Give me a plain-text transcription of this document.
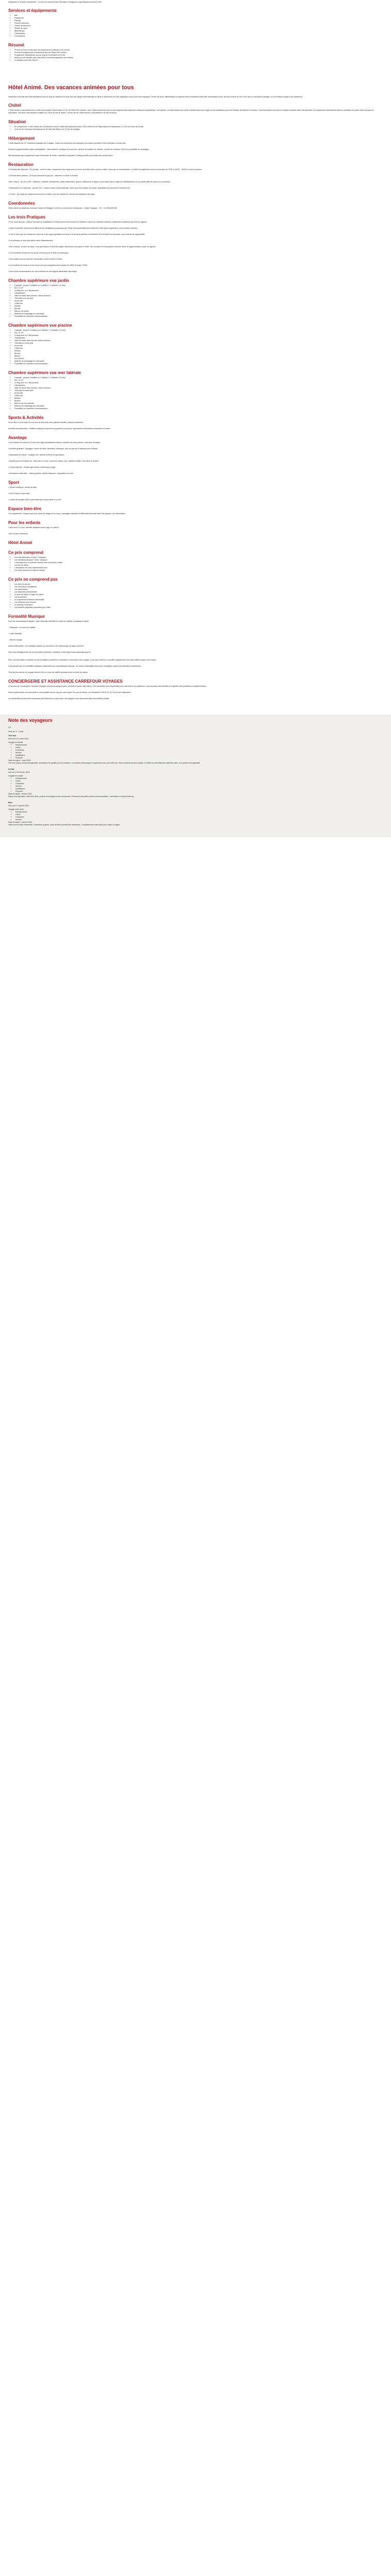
Description à la parte comprenant : Ce prix ne comprend pas l'Immatiné Consignere Logo Séquenceur Assi 5 Ans

Services et équipements
• Wifi
• Restaurant
• Parking
• Piscine extérieure
• Centre de bien-être
• Terrain de sport
• Bibliothèque
• Climatisation
• Conciergerie
Résumé
• Proche de mes écoles avec les possesseurs d'histoire et de culture
• Excellent emplacement directement face sur Place Del Carmen
• Programme d'animations tout au long de la semaine et en été
• Idéal pour les familles avec des offres et services adaptées aux enfants
• Le terrasse bien-être 24h/24
Hôtel Animé. Des vacances animées pour tous

Nombreux convivial ainsi dès animations tout au long de vacances et sorte par une équipe internationale ou aérer à l'ambiance du Club originales a pour pros l'accompagner. Terrain de sport, bibliothèque et espaces verts complètent cette offre accessibles à tous, de jour comme de nuit. Pour que ce soit animé partager, on a le bonheur jusqu'à nos vacances !

Chôtel

L'Hôtel Animé La Alcaidesa est un hôtel tout compris 24h/24 idéal à 2 km de Place Del Carmen. Vous n'êtes pas très proche et son emplacement optimal et restaurant sympathique, une piscine, un hôtel animé pour toute la famille avec ses rouges et ses animations pour les enfants, les ateliers et les jeux. Tous les enfants sont pris en charge et animés dans des activités. Un programme d'animations varié et constante sur place avec musique et spectacles, mini-club, discothèque et billard, au cours de tout le séjour, c'est le cas de l'Hôtel Animé La Alcaidesa et de ses environs.

Situation
• En complement, à 300 mètres de La Estación Central, l'hôtel est idéalement situé à 300 mètres de la Plaza Mayor de Salamanca, à 2 km du centre de la ville.
• À 40 km de l'aéroport International de Sevilla San Pablo et à 2,5 km de la plage.
Hébergement

L'hôtel dispose de 107 chambres réparties sur 5 étages. Toutes les chambres sont équipées d'un balcon privatif et d'une télévision à écran plat.

Services supplémentaires (avec participation) : blanchisserie, boutique de souvenirs, service de location de voitures, service de chambre 24h/24 et possibilité de massages.

Wifi accessible sans supplément dans l'ensemble de l'hôtel, chambres comprises. Parking privatif à proximité avec accès direct.

Restauration

• Formule petit déjeuner : 8 € (repas) - servi le matin, uniquement des repas sous la forme de buffet varié, service à table, avec pain et viennoiseries. Le buffet est également servi à la terrasse de 7h30 à 10h30 - 11h30 ou selon la saison.

• Formule demi-pension : 22 € par personne et par jour - déjeuner ou dîner à la carte.

• Bar / Snack : de 11h à 23h - boissons, cocktails, sandwiches, petite restauration, glaces, pâtisseries et tapas à la terrasse dans le style de l'établissement et une petite salle de repos sur la terrasse.

• Restaurant Los Caracoles : (ouvert 7j/7) - cuisine locale et internationale, menu pour les enfants, en soirée, spécialités de poissons et fruits de mer.

• À noter : les repas au restaurant sont servis à table, pour les enfants les menus sont adaptés à leur âge.

Coordonnées

Hôtel Animé La Alcaidesa, Avenida Fuente de Málaga 6, 11315 La Línea de la Concepción - Cádiz, Espagne - Tél : +34 956 876 000

Les trois Pratiques

• Pour votre sécurité, certains services ou installations à l'hôtel peuvent être fermés ou limités en raison de certaines mesures (notamment sanitaires) qui sont en vigueur.

• Dans l'ensemble, les services offerts et les installations proposées par l'hôtel sont accessibles aux clients de l'hôtel sans supplément, sauf mention contraire.

• Il est à noter que les enfants de moins de 2 ans logent gratuitement dans le lit de leurs parents et bénéficient d'un lit bébé sur demande, sous réserve de disponibilité.

• Les animaux ne sont pas admis dans l'établissement.

• Bon à savoir : la taxe de séjour n'est pas incluse et doit être réglée directement sur place à l'hôtel. Son montant est susceptible d'évoluer selon la réglementation locale en vigueur.

• Il est conseillé de prévoir une tenue correcte pour le dîner au restaurant.

• Une caution pourra vous être demandée à votre arrivée à l'hôtel.

• Les horaires de check-in et de check-out sont respectivement à partir de 15h00 et avant 12h00.

• Nous vous recommandons de nous informer de tout régime alimentaire spécifique.

Chambre supérieure vue jardin
• Capacité : jusqu'à 3 adultes ou 2 adultes + 2 enfants (-12 ans)
• Env. 22 m²
• Lit king-size ou 2 lits jumeaux
• Climatisation
• Salle de bains avec douche, sèche-cheveux
• Télévision à écran plat
• Accès wifi
• Coffre-fort
• Minibar
• Bureau
• Balcon vue jardin
• Matériel de repassage sur demande
• Possibilité de chambres communicantes
Chambre supérieure vue piscine
• Capacité : jusqu'à 3 adultes ou 2 adultes + 2 enfants (-12 ans)
• Env. 22 m²
• Lit king-size ou 2 lits jumeaux
• Climatisation
• Salle de bains avec douche, sèche-cheveux
• Télévision à écran plat
• Accès wifi
• Coffre-fort
• Minibar
• Bureau
• Balcon
• Vue piscine
• Matériel de repassage sur demande
• Possibilité de chambres communicantes
Chambre supérieure vue mer latérale
• Capacité : jusqu'à 3 adultes ou 2 adultes + 2 enfants (-12 ans)
• Env. 22 m²
• Lit king-size ou 2 lits jumeaux
• Climatisation
• Salle de bains avec douche, sèche-cheveux
• Télévision à écran plat
• Accès wifi
• Coffre-fort
• Minibar
• Bureau
• Balcon vue mer latérale
• Matériel de repassage sur demande
• Possibilité de chambres communicantes
Sports & Activités

Accès libre à la terrasse et à la zone de bien-être avec piscine chauffée, sauna et hammam.

Activités internationales : Activités ludiques et sportives proposées en journée, spectacles et animations musicales en soirée.

Avantage

• Les enfants de moins de 12 ans sont logés gratuitement dans la chambre de leurs parents, hors taxe de séjour.

• Activités gratuites : Aquagym, tennis de table, fléchettes, pétanque, jeux de piscine et activités pour enfants.

• Spectacles en soirée : musique live, soirées à thème et spectacles.

• Spécial pour les enfants de : Mini-club 4-12 ans, ouvert en saison, jeux, ateliers créatifs, mini-disco et sorties.

• Cours collectifs : Zumba, gym douce, stretching et yoga.

• Animations culturelles : visites guidées, soirées flamenco, dégustation de vins.

Sport

• Terrain multisport, tennis de table

• Golf 18 trous à proximité

• Centre de plongée PADI à proximité avec accès direct à la mer.

Espace bien-être

• En supplément : Espace spa avec soins du visage et du corps, massages relaxants et différentes formules bien-être (payant, sur réservation).

Pour les enfants

• Mini-club 4-12 ans, activités adaptées selon l'âge, en saison.

• Aire de jeux extérieure.

Hôtel Animé
Ce prix comprend
• Les vols aller/retour France / Espagne
• Les transferts aéroport / hôtel / aéroport
• L'hébergement en chambre double avec la formule choisie
• La taxe de séjour
• L'assistance de notre représentant local
• Les taxes aéroport et frais de dossier
Ce prix ne comprend pas
• Les frais de service
• Les excursions facultatives
• Les assurances
• Les dépenses personnelles
• La taxe de séjour à régler sur place
• Les pourboires
• Le supplément chambre individuelle
• Les boissons hors formule
• Le parking à l'aéroport
• Les activités payantes proposées par l'hôtel
Formalité Musique

Pour les ressortissants français : carte nationale d'identité en cours de validité ou passeport valide.

- Passeport : en cours de validité

- Carte d'identité

- Visa de voyage

Autres nationalités : se renseigner auprès du consulat ou de l'ambassade du pays concerné.

Pour tout renseignement sur les formalités sanitaires, consultez le site https://www.diplomatie.gouv.fr.

Pour une information complète sur les formalités douanières et sanitaires concernant votre voyage, nous vous invitons à consulter régulièrement les sites officiels avant votre départ.

Il est précisé que les formalités indiquées s'adressent aux ressortissants français ; les autres nationalités doivent se renseigner auprès des autorités compétentes.

Tous les documents de voyage doivent être en cours de validité pendant toute la durée du séjour.

CONCIERGERIE ET ASSISTANCE CARREFOUR VOYAGES

Le service de Conciergerie Carrefour Voyages vous accompagne avant, pendant et après votre séjour. Nos conseillers sont disponibles pour répondre à vos questions, vous proposer des activités et organiser des prestations complémentaires.

Notre équipe locale vous accueille et vous assiste tout au long de votre séjour. En cas de besoin, une assistance 24h/24 et 7j/7 est à votre disposition.

Les demandes peuvent être transmises par téléphone ou par email, nos équipes vous répondront dans les meilleurs délais.

Note des voyageurs

4,5

Note sur 5 - 2 avis

Tres bon
Avis sur le 11 mars 2024
Voyage en famille
• Emplacement
• Literie
• Chambres
• Service
• Qualité/prix
• Propreté
Date de séjour : mars 2024

Très bon séjour, personnel agréable, animations de qualité pour les enfants. La chambre était propre et spacieuse avec une belle vue. Nous reviendrons avec plaisir. Le buffet du petit déjeuner était très varié, et la piscine très agréable.

Au top
Avis sur le 25 février 2024
Voyage en couple
• Emplacement
• Literie
• Chambres
• Service
• Qualité/prix
• Propreté
Date de séjour : février 2024

Séjour très agréable, hôtel bien situé, proche de la plage et des commerces. Personnel aux petits soins et très accueillant. L'animation en soirée était top.

Bien
Avis sur le 7 janvier 2024
Voyage entre amis
• Emplacement
• Literie
• Chambres
• Service
Date de séjour : janvier 2024

Hôtel correct dans l'ensemble. Chambres propres, mais la literie pourrait être améliorée. L'emplacement reste idéal pour visiter la région.
